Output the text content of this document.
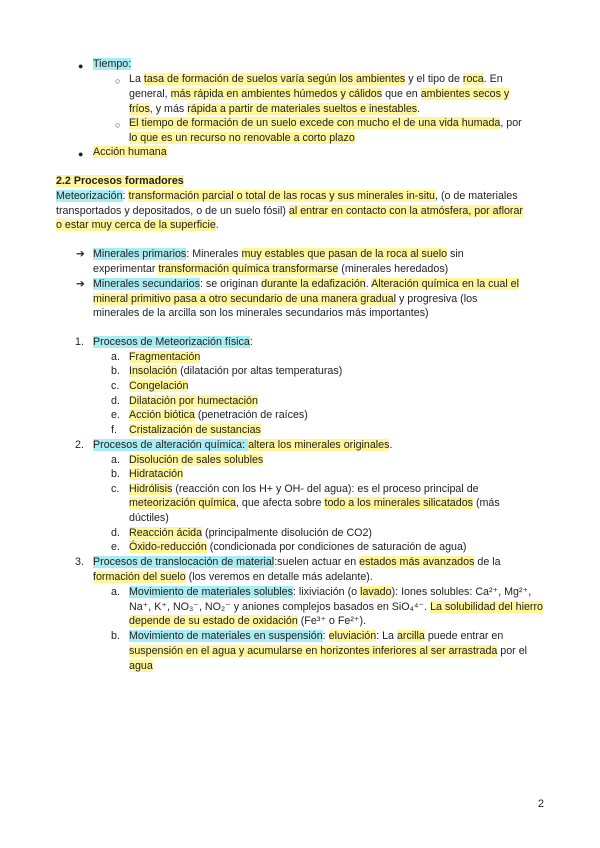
● Tiempo:
○ La tasa de formación de suelos varía según los ambientes y el tipo de roca. En
general, más rápida en ambientes húmedos y cálidos que en ambientes secos y
fríos, y más rápida a partir de materiales sueltos e inestables.
○ El tiempo de formación de un suelo excede con mucho el de una vida humada, por
lo que es un recurso no renovable a corto plazo
● Acción humana
2.2 Procesos formadores
Meteorización: transformación parcial o total de las rocas y sus minerales in-situ, (o de materiales
transportados y depositados, o de un suelo fósil) al entrar en contacto con la atmósfera, por aflorar
o estar muy cerca de la superficie.
➔ Minerales primarios: Minerales muy estables que pasan de la roca al suelo sin
experimentar transformación química transformarse (minerales heredados)
➔ Minerales secundarios: se originan durante la edafización. Alteración química en la cual el
mineral primitivo pasa a otro secundario de una manera gradual y progresiva (los
minerales de la arcilla son los minerales secundarios más importantes)
1. Procesos de Meteorización física:
a. Fragmentación
b. Insolación (dilatación por altas temperaturas)
c. Congelación
d. Dilatación por humectación
e. Acción biótica (penetración de raíces)
f. Cristalización de sustancias
2. Procesos de alteración química: altera los minerales originales.
a. Disolución de sales solubles
b. Hidratación
c. Hidrólisis (reacción con los H+ y OH- del agua): es el proceso principal de
meteorización química, que afecta sobre todo a los minerales silicatados (más
dúctiles)
d. Reacción ácida (principalmente disolución de CO2)
e. Óxido-reducción (condicionada por condiciones de saturación de agua)
3. Procesos de translocación de material:suelen actuar en estados más avanzados de la
formación del suelo (los veremos en detalle más adelante).
a. Movimiento de materiales solubles: lixiviación (o lavado): Iones solubles: Ca²⁺, Mg²⁺,
Na⁺, K⁺, NO₃⁻, NO₂⁻ y aniones complejos basados en SiO₄⁴⁻. La solubilidad del hierro
depende de su estado de oxidación (Fe³⁺ o Fe²⁺).
b. Movimiento de materiales en suspensión: eluviación: La arcilla puede entrar en
suspensión en el agua y acumularse en horizontes inferiores al ser arrastrada por el
agua
2
